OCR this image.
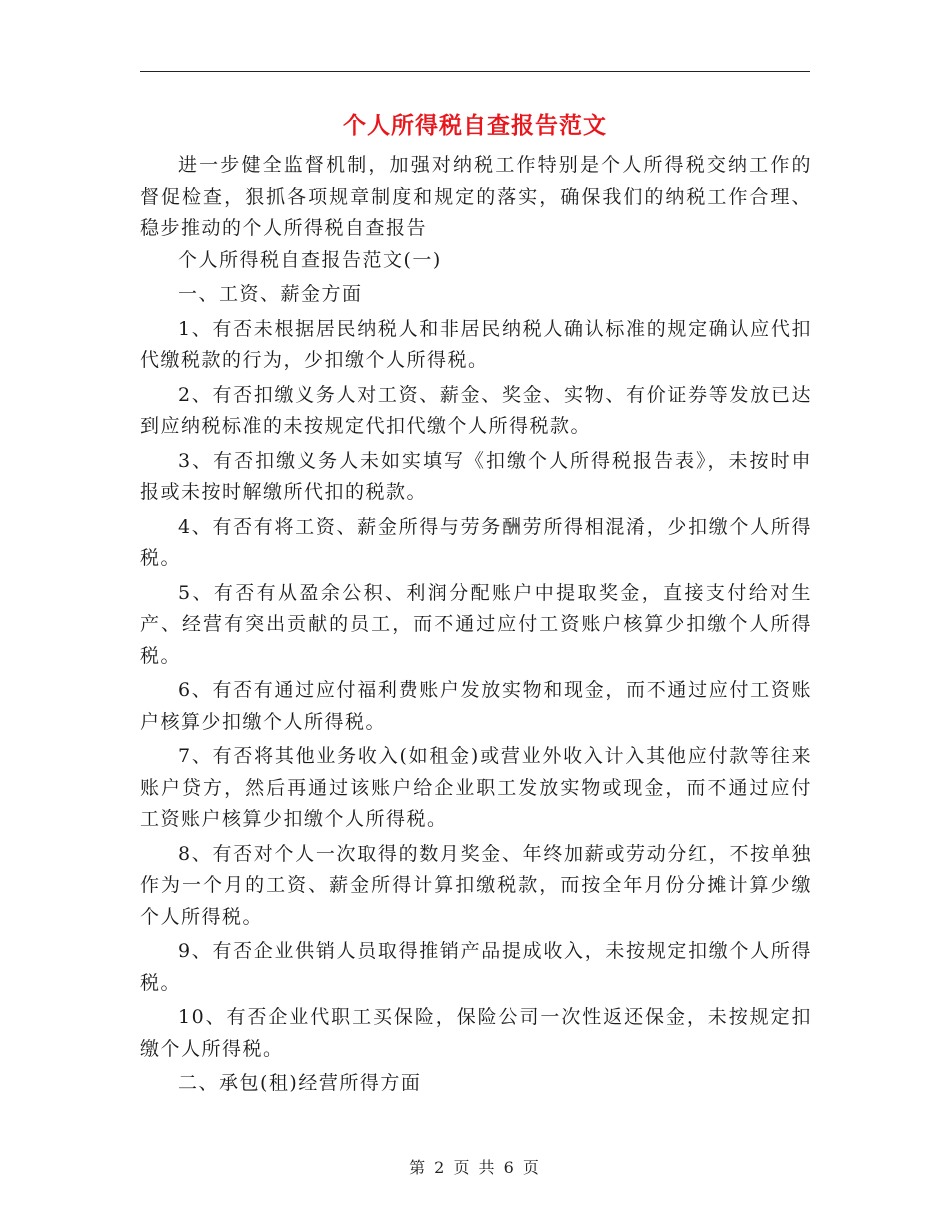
个人所得税自查报告范文

进一步健全监督机制，加强对纳税工作特别是个人所得税交纳工作的督促检查，狠抓各项规章制度和规定的落实，确保我们的纳税工作合理、稳步推动的个人所得税自查报告

个人所得税自查报告范文(一)

一、工资、薪金方面

1、有否未根据居民纳税人和非居民纳税人确认标准的规定确认应代扣代缴税款的行为，少扣缴个人所得税。

2、有否扣缴义务人对工资、薪金、奖金、实物、有价证券等发放已达到应纳税标准的未按规定代扣代缴个人所得税款。

3、有否扣缴义务人未如实填写《扣缴个人所得税报告表》，未按时申报或未按时解缴所代扣的税款。

4、有否有将工资、薪金所得与劳务酬劳所得相混淆，少扣缴个人所得税。

5、有否有从盈余公积、利润分配账户中提取奖金，直接支付给对生产、经营有突出贡献的员工，而不通过应付工资账户核算少扣缴个人所得税。

6、有否有通过应付福利费账户发放实物和现金，而不通过应付工资账户核算少扣缴个人所得税。

7、有否将其他业务收入(如租金)或营业外收入计入其他应付款等往来账户贷方，然后再通过该账户给企业职工发放实物或现金，而不通过应付工资账户核算少扣缴个人所得税。

8、有否对个人一次取得的数月奖金、年终加薪或劳动分红，不按单独作为一个月的工资、薪金所得计算扣缴税款，而按全年月份分摊计算少缴个人所得税。

9、有否企业供销人员取得推销产品提成收入，未按规定扣缴个人所得税。

10、有否企业代职工买保险，保险公司一次性返还保金，未按规定扣缴个人所得税。

二、承包(租)经营所得方面

第 2 页 共 6 页
